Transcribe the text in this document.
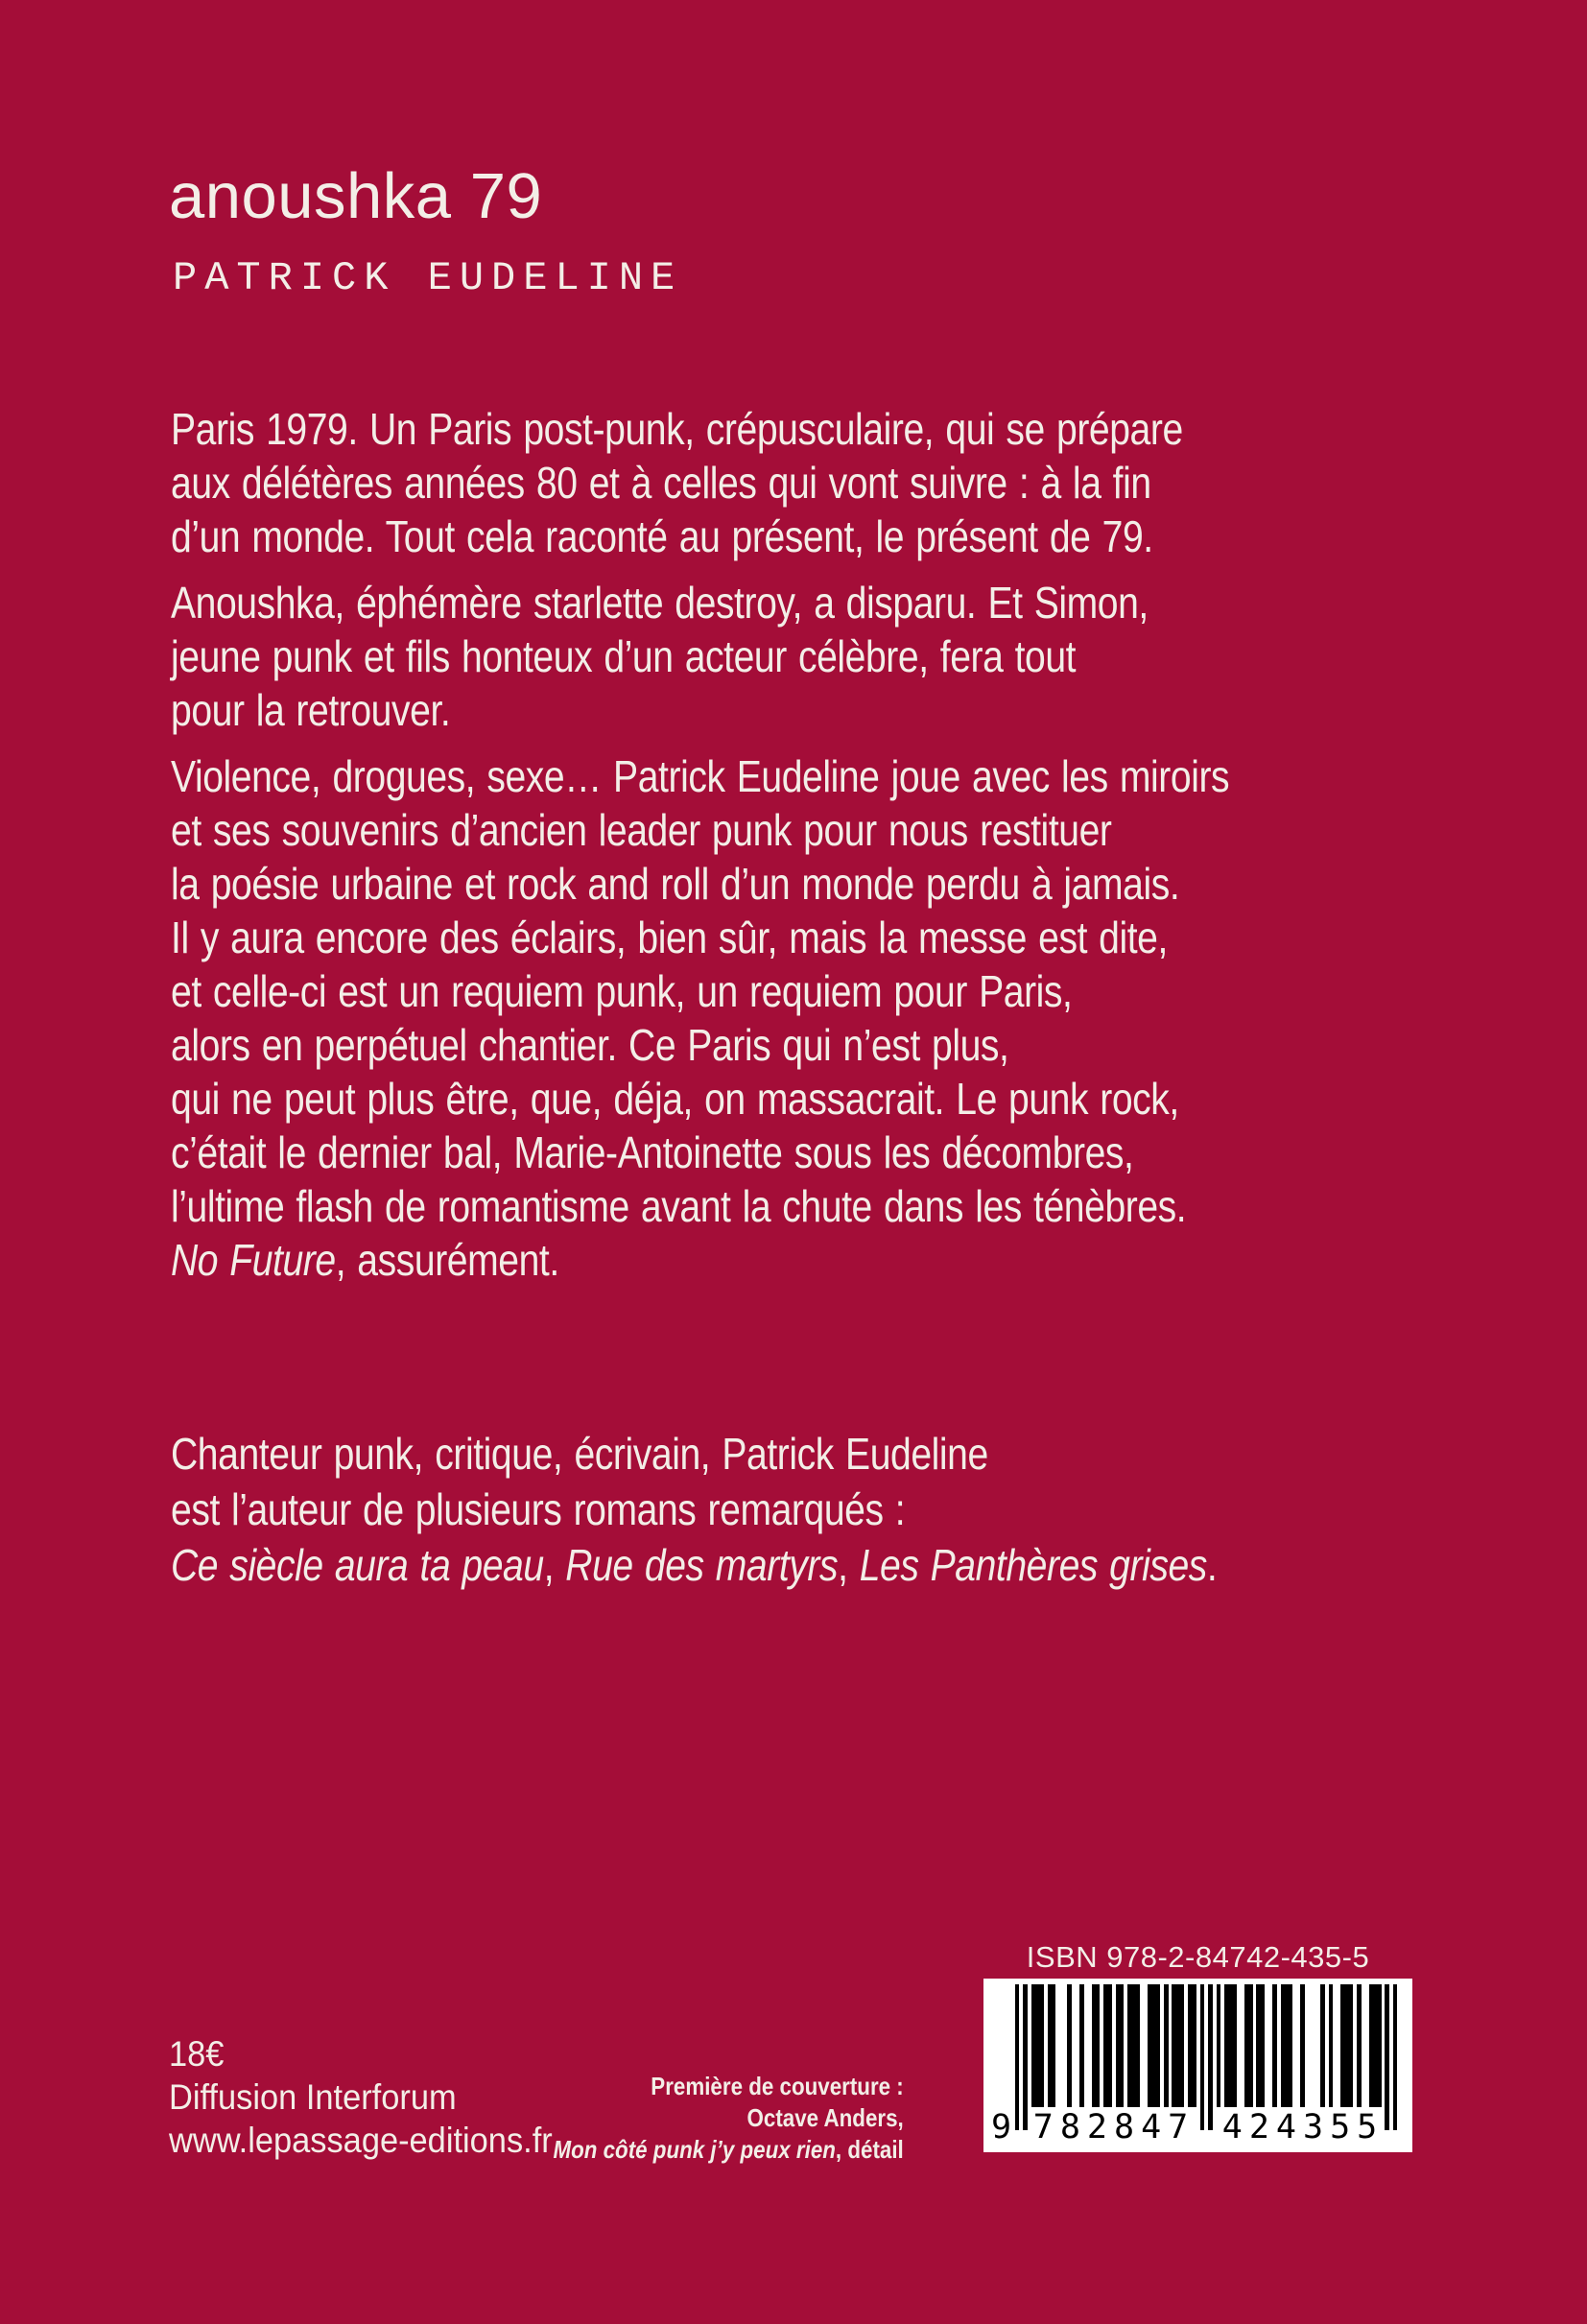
anoushka 79
PATRICK EUDELINE
Paris 1979. Un Paris post-punk, crépusculaire, qui se prépare
aux délétères années 80 et à celles qui vont suivre : à la fin
d’un monde. Tout cela raconté au présent, le présent de 79.
Anoushka, éphémère starlette destroy, a disparu. Et Simon,
jeune punk et fils honteux d’un acteur célèbre, fera tout
pour la retrouver.
Violence, drogues, sexe… Patrick Eudeline joue avec les miroirs
et ses souvenirs d’ancien leader punk pour nous restituer
la poésie urbaine et rock and roll d’un monde perdu à jamais.
Il y aura encore des éclairs, bien sûr, mais la messe est dite,
et celle-ci est un requiem punk, un requiem pour Paris,
alors en perpétuel chantier. Ce Paris qui n’est plus,
qui ne peut plus être, que, déja, on massacrait. Le punk rock,
c’était le dernier bal, Marie-Antoinette sous les décombres,
l’ultime flash de romantisme avant la chute dans les ténèbres.
No Future, assurément.
Chanteur punk, critique, écrivain, Patrick Eudeline
est l’auteur de plusieurs romans remarqués :
Ce siècle aura ta peau, Rue des martyrs, Les Panthères grises.
18€
Diffusion Interforum
www.lepassage-editions.fr
Première de couverture :
Octave Anders,
Mon côté punk j’y peux rien, détail
ISBN 978-2-84742-435-5
9 782847 424355
